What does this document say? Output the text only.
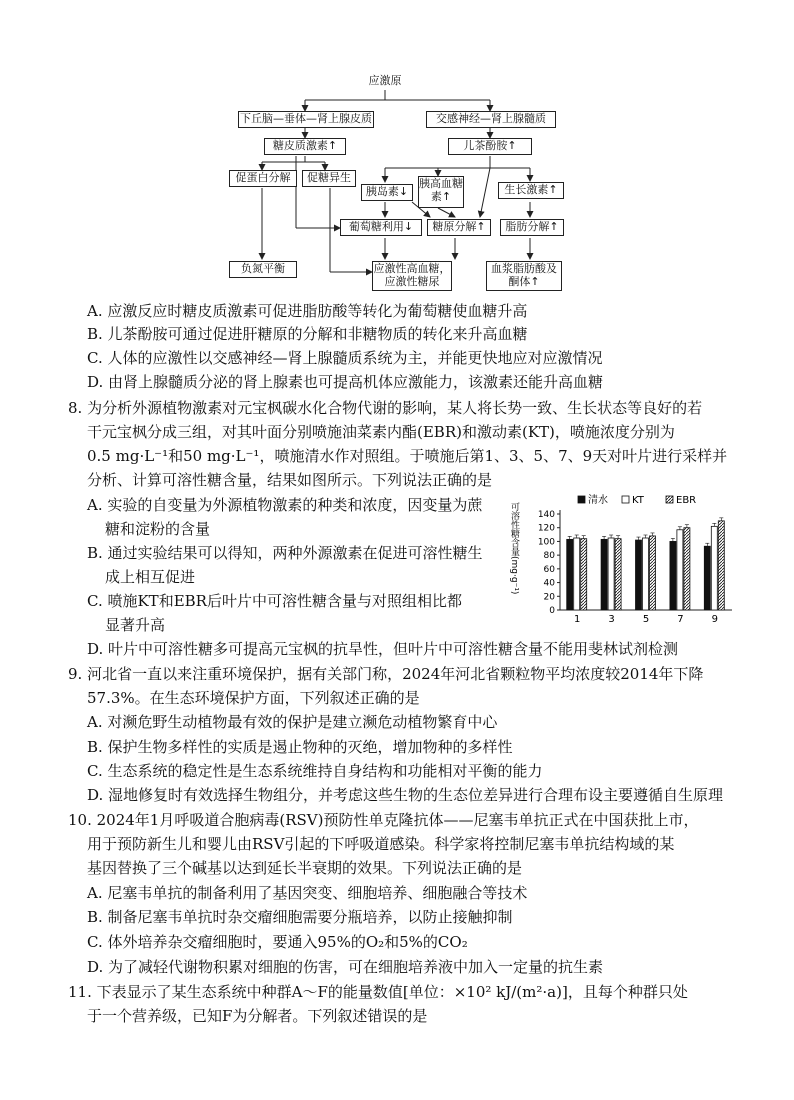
应激原
下丘脑—垂体—肾上腺皮质	交感神经—肾上腺髓质
糖皮质激素↑	儿茶酚胺↑
促蛋白分解	促糖异生
胰岛素↓
胰高血糖素↑
生长激素↑
葡萄糖利用↓	糖原分解↑	脂肪分解↑
负氮平衡	应激性高血糖，应激性糖尿
血浆脂肪酸及酮体↑
A. 应激反应时糖皮质激素可促进脂肪酸等转化为葡萄糖使血糖升高
B. 儿茶酚胺可通过促进肝糖原的分解和非糖物质的转化来升高血糖
C. 人体的应激性以交感神经—肾上腺髓质系统为主，并能更快地应对应激情况
D. 由肾上腺髓质分泌的肾上腺素也可提高机体应激能力，该激素还能升高血糖
8. 为分析外源植物激素对元宝枫碳水化合物代谢的影响，某人将长势一致、生长状态等良好的若
干元宝枫分成三组，对其叶面分别喷施油菜素内酯(EBR)和激动素(KT)，喷施浓度分别为
0.5 mg·L⁻¹和50 mg·L⁻¹，喷施清水作对照组。于喷施后第1、3、5、7、9天对叶片进行采样并
分析、计算可溶性糖含量，结果如图所示。下列说法正确的是
A. 实验的自变量为外源植物激素的种类和浓度，因变量为蔗
糖和淀粉的含量
B. 通过实验结果可以得知，两种外源激素在促进可溶性糖生
成上相互促进
C. 喷施KT和EBR后叶片中可溶性糖含量与对照组相比都
显著升高
D. 叶片中可溶性糖多可提高元宝枫的抗旱性，但叶片中可溶性糖含量不能用斐林试剂检测
可溶性糖含量(mg·g⁻¹)
清水 KT	EBR
0
20
40
60
80
100
120
140
1	3	5	7	9
9. 河北省一直以来注重环境保护，据有关部门称，2024年河北省颗粒物平均浓度较2014年下降
57.3%。在生态环境保护方面，下列叙述正确的是
A. 对濒危野生动植物最有效的保护是建立濒危动植物繁育中心
B. 保护生物多样性的实质是遏止物种的灭绝，增加物种的多样性
C. 生态系统的稳定性是生态系统维持自身结构和功能相对平衡的能力
D. 湿地修复时有效选择生物组分，并考虑这些生物的生态位差异进行合理布设主要遵循自生原理
10. 2024年1月呼吸道合胞病毒(RSV)预防性单克隆抗体——尼塞韦单抗正式在中国获批上市，
用于预防新生儿和婴儿由RSV引起的下呼吸道感染。科学家将控制尼塞韦单抗结构域的某
基因替换了三个碱基以达到延长半衰期的效果。下列说法正确的是
A. 尼塞韦单抗的制备利用了基因突变、细胞培养、细胞融合等技术
B. 制备尼塞韦单抗时杂交瘤细胞需要分瓶培养，以防止接触抑制
C. 体外培养杂交瘤细胞时，要通入95%的O₂和5%的CO₂
D. 为了减轻代谢物积累对细胞的伤害，可在细胞培养液中加入一定量的抗生素
11. 下表显示了某生态系统中种群A～F的能量数值[单位：×10² kJ/(m²·a)]，且每个种群只处
于一个营养级，已知F为分解者。下列叙述错误的是
